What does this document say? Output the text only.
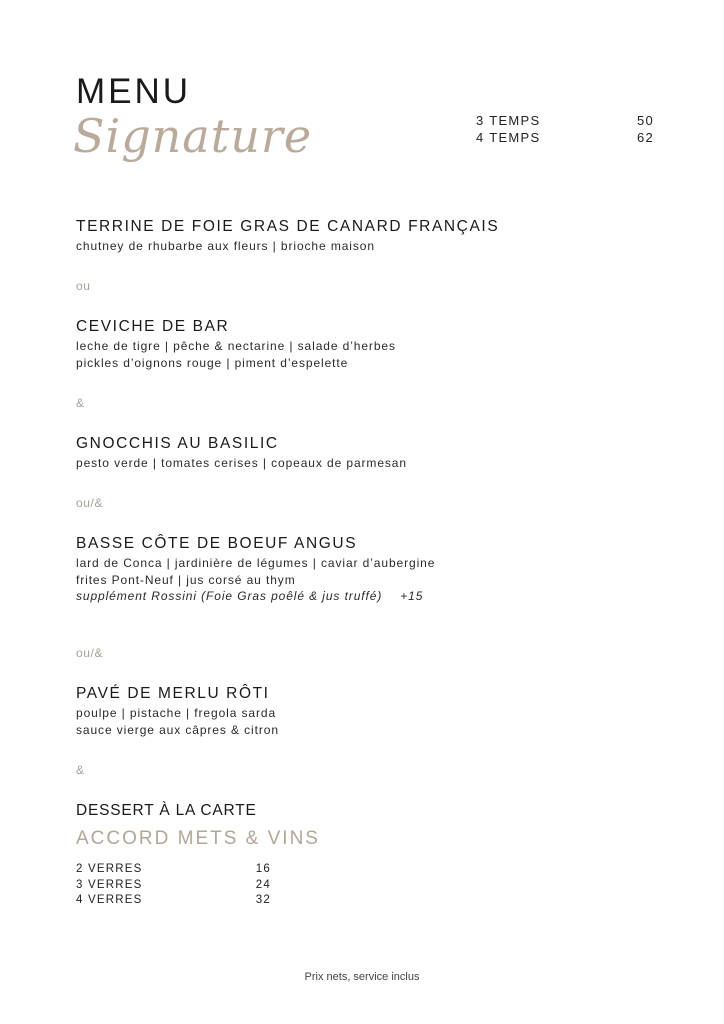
MENU
Signature	3 TEMPS	50
4 TEMPS	62
TERRINE DE FOIE GRAS DE CANARD FRANÇAIS
chutney de rhubarbe aux fleurs | brioche maison
ou
CEVICHE DE BAR
leche de tigre | pêche & nectarine | salade d’herbes
pickles d’oignons rouge | piment d’espelette
&
GNOCCHIS AU BASILIC
pesto verde | tomates cerises | copeaux de parmesan
ou/&
BASSE CÔTE DE BOEUF ANGUS
lard de Conca | jardinière de légumes | caviar d’aubergine
frites Pont-Neuf | jus corsé au thym
supplément Rossini (Foie Gras poêlé & jus truffé) +15
ou/&
PAVÉ DE MERLU RÔTI
poulpe | pistache | fregola sarda
sauce vierge aux câpres & citron
&
DESSERT À LA CARTE
ACCORD METS & VINS
2 VERRES	16
3 VERRES	24
4 VERRES	32
Prix nets, service inclus
